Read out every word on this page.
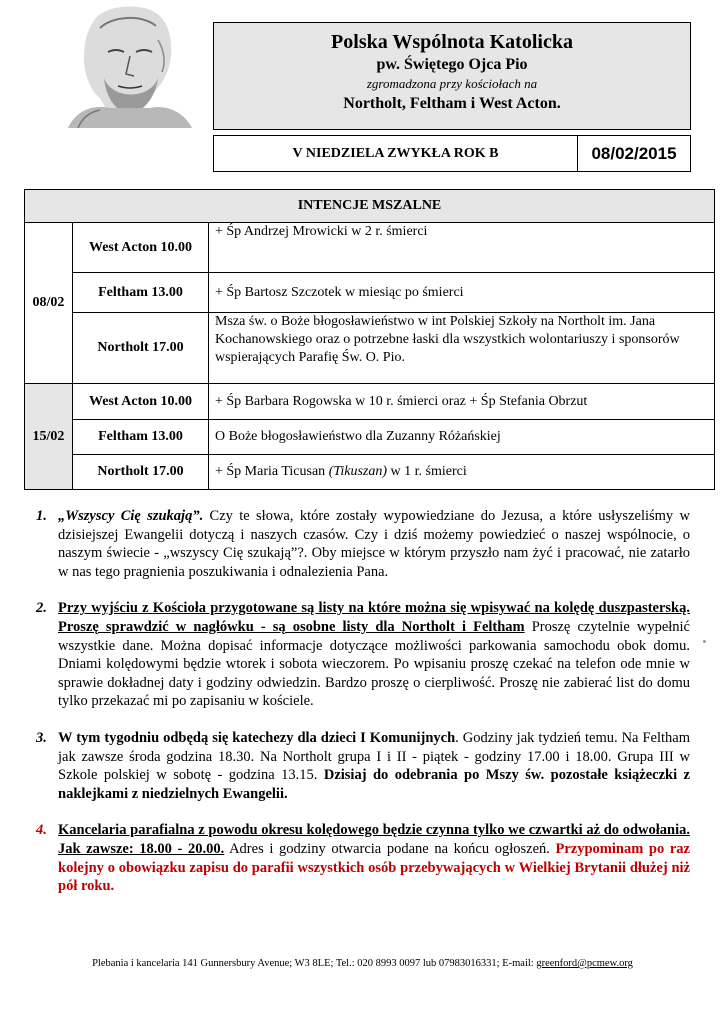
Polska Wspólnota Katolicka
pw. Świętego Ojca Pio
zgromadzona przy kościołach na
Northolt, Feltham i West Acton.
V NIEDZIELA ZWYKŁA ROK B	08/02/2015
INTENCJE MSZALNE
08/02	West Acton 10.00	+ Śp Andrzej Mrowicki w 2 r. śmierci
	Feltham 13.00	+ Śp Bartosz Szczotek w miesiąc po śmierci
	Northolt 17.00	Msza św. o Boże błogosławieństwo w int Polskiej Szkoły na Northolt im. Jana Kochanowskiego oraz o potrzebne łaski dla wszystkich wolontariuszy i sponsorów wspierających Parafię Św. O. Pio.
15/02	West Acton 10.00	+ Śp Barbara Rogowska w 10 r. śmierci oraz + Śp Stefania Obrzut
	Feltham 13.00	O Boże błogosławieństwo dla Zuzanny Różańskiej
	Northolt 17.00	+ Śp Maria Ticusan (Tikuszan) w 1 r. śmierci
1. „Wszyscy Cię szukają”. Czy te słowa, które zostały wypowiedziane do Jezusa, a które usłyszeliśmy w dzisiejszej Ewangelii dotyczą i naszych czasów. Czy i dziś możemy powiedzieć o naszej wspólnocie, o naszym świecie - „wszyscy Cię szukają”?. Oby miejsce w którym przyszło nam żyć i pracować, nie zatarło w nas tego pragnienia poszukiwania i odnalezienia Pana.
2. Przy wyjściu z Kościoła przygotowane są listy na które można się wpisywać na kolędę duszpasterską. Proszę sprawdzić w nagłówku - są osobne listy dla Northolt i Feltham Proszę czytelnie wypełnić wszystkie dane. Można dopisać informacje dotyczące możliwości parkowania samochodu obok domu. Dniami kolędowymi będzie wtorek i sobota wieczorem. Po wpisaniu proszę czekać na telefon ode mnie w sprawie dokładnej daty i godziny odwiedzin. Bardzo proszę o cierpliwość. Proszę nie zabierać list do domu tylko przekazać mi po zapisaniu w kościele.
3. W tym tygodniu odbędą się katechezy dla dzieci I Komunijnych. Godziny jak tydzień temu. Na Feltham jak zawsze środa godzina 18.30. Na Northolt grupa I i II - piątek - godziny 17.00 i 18.00. Grupa III w Szkole polskiej w sobotę - godzina 13.15. Dzisiaj do odebrania po Mszy św. pozostałe książeczki z naklejkami z niedzielnych Ewangelii.
4. Kancelaria parafialna z powodu okresu kolędowego będzie czynna tylko we czwartki aż do odwołania. Jak zawsze: 18.00 - 20.00. Adres i godziny otwarcia podane na końcu ogłoszeń. Przypominam po raz kolejny o obowiązku zapisu do parafii wszystkich osób przebywających w Wielkiej Brytanii dłużej niż pół roku.
Plebania i kancelaria 141 Gunnersbury Avenue; W3 8LE; Tel.: 020 8993 0097 lub 07983016331; E-mail: greenford@pcmew.org
